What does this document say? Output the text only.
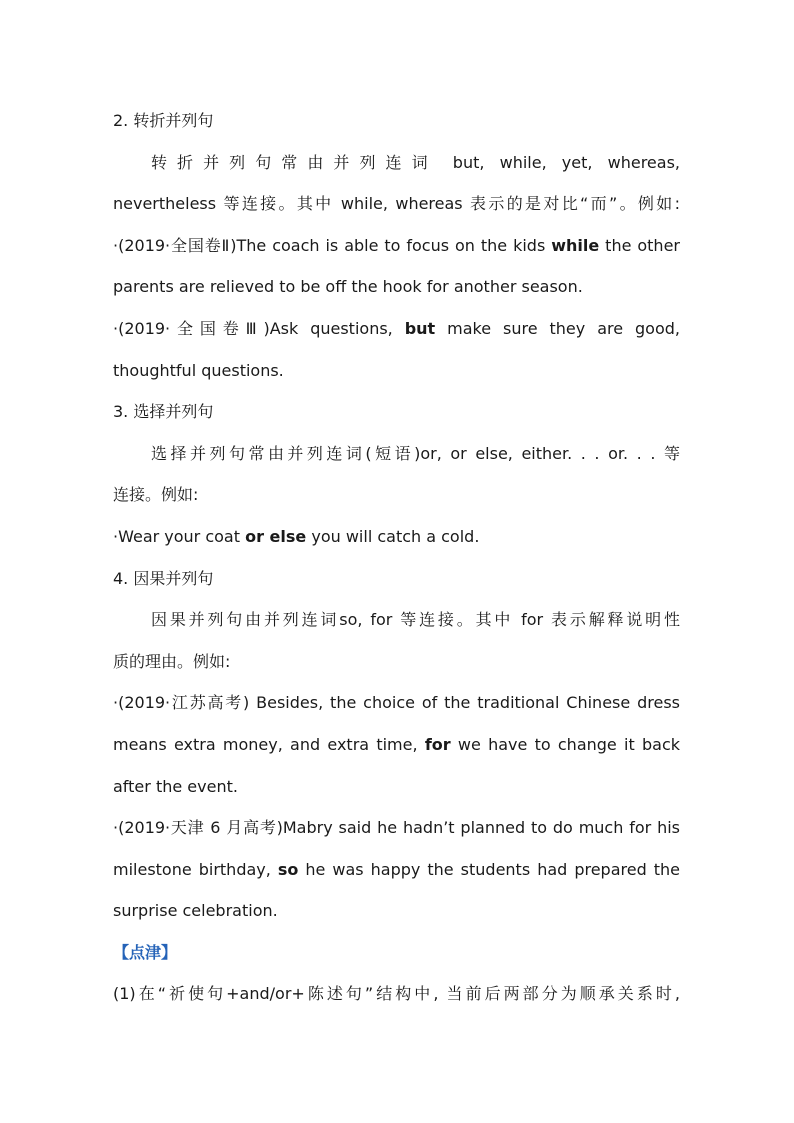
2. 转折并列句
转折并列句常由并列连词 but, while, yet, whereas,
nevertheless 等连接。其中 while, whereas 表示的是对比“而”。例如:
·(2019·全国卷Ⅱ)The coach is able to focus on the kids while the other
parents are relieved to be off the hook for another season.
·(2019·全国卷Ⅲ)Ask questions, but make sure they are good,
thoughtful questions.
3. 选择并列句
选择并列句常由并列连词(短语)or, or else, either. . . or. . . 等
连接。例如:
·Wear your coat or else you will catch a cold.
4. 因果并列句
因果并列句由并列连词so, for 等连接。其中 for 表示解释说明性
质的理由。例如:
·(2019·江苏高考) Besides, the choice of the traditional Chinese dress
means extra money, and extra time, for we have to change it back
after the event.
·(2019·天津 6 月高考)Mabry said he hadn’t planned to do much for his
milestone birthday, so he was happy the students had prepared the
surprise celebration.
【点津】
(1)在“祈使句+and/or+陈述句”结构中, 当前后两部分为顺承关系时,
